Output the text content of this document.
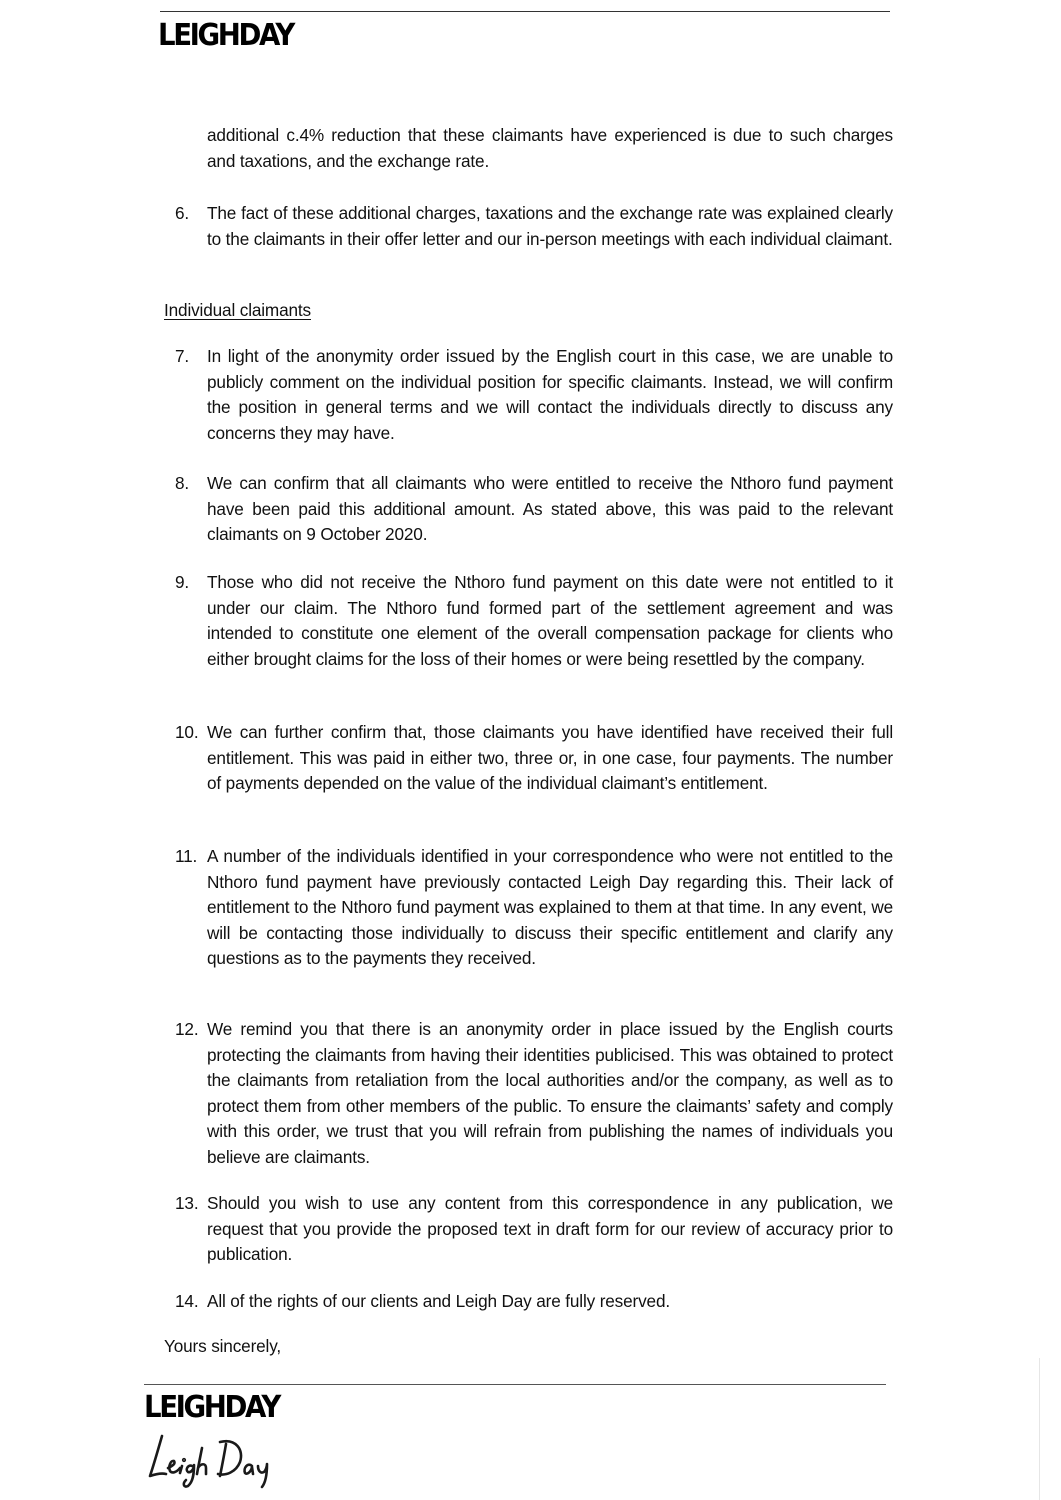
LEIGHDAY
additional c.4% reduction that these claimants have experienced is due to such charges and taxations, and the exchange rate.
6. The fact of these additional charges, taxations and the exchange rate was explained clearly to the claimants in their offer letter and our in-person meetings with each individual claimant.
Individual claimants
7. In light of the anonymity order issued by the English court in this case, we are unable to publicly comment on the individual position for specific claimants. Instead, we will confirm the position in general terms and we will contact the individuals directly to discuss any concerns they may have.
8. We can confirm that all claimants who were entitled to receive the Nthoro fund payment have been paid this additional amount. As stated above, this was paid to the relevant claimants on 9 October 2020.
9. Those who did not receive the Nthoro fund payment on this date were not entitled to it under our claim. The Nthoro fund formed part of the settlement agreement and was intended to constitute one element of the overall compensation package for clients who either brought claims for the loss of their homes or were being resettled by the company.
10. We can further confirm that, those claimants you have identified have received their full entitlement. This was paid in either two, three or, in one case, four payments. The number of payments depended on the value of the individual claimant’s entitlement.
11. A number of the individuals identified in your correspondence who were not entitled to the Nthoro fund payment have previously contacted Leigh Day regarding this. Their lack of entitlement to the Nthoro fund payment was explained to them at that time. In any event, we will be contacting those individually to discuss their specific entitlement and clarify any questions as to the payments they received.
12. We remind you that there is an anonymity order in place issued by the English courts protecting the claimants from having their identities publicised. This was obtained to protect the claimants from retaliation from the local authorities and/or the company, as well as to protect them from other members of the public. To ensure the claimants’ safety and comply with this order, we trust that you will refrain from publishing the names of individuals you believe are claimants.
13. Should you wish to use any content from this correspondence in any publication, we request that you provide the proposed text in draft form for our review of accuracy prior to publication.
14. All of the rights of our clients and Leigh Day are fully reserved.
Yours sincerely,
LEIGHDAY
